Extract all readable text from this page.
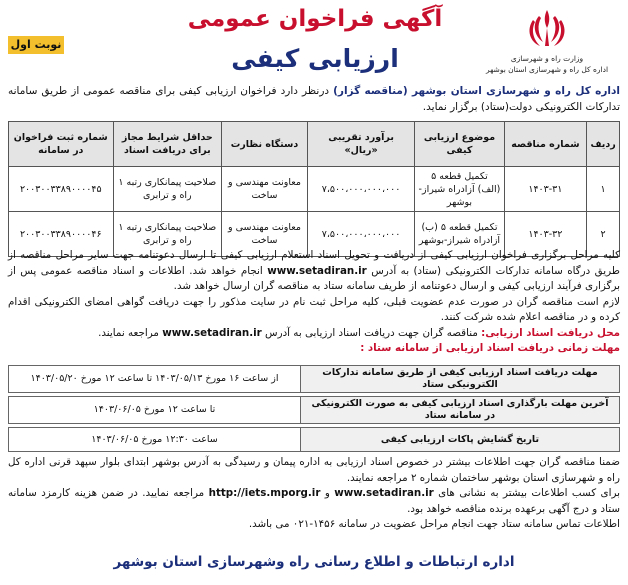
وزارت راه و شهرسازی
اداره کل راه و شهرسازی استان بوشهر
آگهی فراخوان عمومی
ارزیابی کیفی
نوبت اول
اداره کل راه و شهرسازی استان بوشهر (مناقصه گزار) درنظر دارد فراخوان ارزیابی کیفی برای مناقصه عمومی از طریق سامانه تدارکات الکترونیکی دولت(ستاد) برگزار نماید.
ردیف	شماره مناقصه	موضوع ارزیابی کیفی	برآورد تقریبی «ریال»	دستگاه نظارت	حداقل شرایط مجاز برای دریافت اسناد	شماره ثبت فراخوان در سامانه
۱	۱۴۰۳-۳۱	تکمیل قطعه ۵ (الف) آزادراه شیراز-بوشهر	۷،۵۰۰،۰۰۰،۰۰۰،۰۰۰	معاونت مهندسی و ساخت	صلاحیت پیمانکاری رتبه ۱ راه و ترابری	۲۰۰۳۰۰۳۳۸۹۰۰۰۰۴۵
۲	۱۴۰۳-۳۲	تکمیل قطعه ۵ (ب) آزادراه شیراز-بوشهر	۷،۵۰۰،۰۰۰،۰۰۰،۰۰۰	معاونت مهندسی و ساخت	صلاحیت پیمانکاری رتبه ۱ راه و ترابری	۲۰۰۳۰۰۳۳۸۹۰۰۰۰۴۶

کلیه مراحل برگزاری فراخوان ارزیابی کیفی از دریافت و تحویل اسناد استعلام ارزیابی کیفی تا ارسال دعوتنامه جهت سایر مراحل مناقصه از طریق درگاه سامانه تدارکات الکترونیکی (ستاد) به آدرس www.setadiran.ir انجام خواهد شد. اطلاعات و اسناد مناقصه عمومی پس از برگزاری فرآیند ارزیابی کیفی و ارسال دعوتنامه از طریف سامانه ستاد به مناقصه گران ارسال خواهد شد.

لازم است مناقصه گران در صورت عدم عضویت قبلی، کلیه مراحل ثبت نام در سایت مذکور را جهت دریافت گواهی امضای الکترونیکی اقدام کرده و در مناقصه اعلام شده شرکت کنند.

محل دریافت اسناد ارزیابی: مناقصه گران جهت دریافت اسناد ارزیابی به آدرس www.setadiran.ir مراجعه نمایند.

مهلت زمانی دریافت اسناد ارزیابی از سامانه ستاد :

مهلت دریافت اسناد ارزیابی کیفی از طریق سامانه تدارکات الکترونیکی ستاد	از ساعت ۱۶ مورخ ۱۴۰۳/۰۵/۱۳ تا ساعت ۱۲ مورخ ۱۴۰۳/۰۵/۲۰

آخرین مهلت بارگذاری اسناد ارزیابی کیفی به صورت الکترونیکی در سامانه ستاد	تا ساعت ۱۲ مورخ ۱۴۰۳/۰۶/۰۵

تاریخ گشایش پاکات ارزیابی کیفی	ساعت ۱۲:۳۰ مورخ ۱۴۰۳/۰۶/۰۵

ضمنا مناقصه گران جهت اطلاعات بیشتر در خصوص اسناد ارزیابی به اداره پیمان و رسیدگی به آدرس بوشهر ابتدای بلوار سپهد قرنی اداره کل راه و شهرسازی استان بوشهر ساختمان شماره ۲ مراجعه نمایند.

برای کسب اطلاعات بیشتر به نشانی های www.setadiran.ir و http://iets.mporg.ir مراجعه نمایید. در ضمن هزینه کارمزد سامانه ستاد و درج آگهی برعهده برنده مناقصه خواهد بود.

اطلاعات تماس سامانه ستاد جهت انجام مراحل عضویت در سامانه ۱۴۵۶-۰۲۱ می باشد.

اداره ارتباطات و اطلاع رسانی راه وشهرسازی استان بوشهر
